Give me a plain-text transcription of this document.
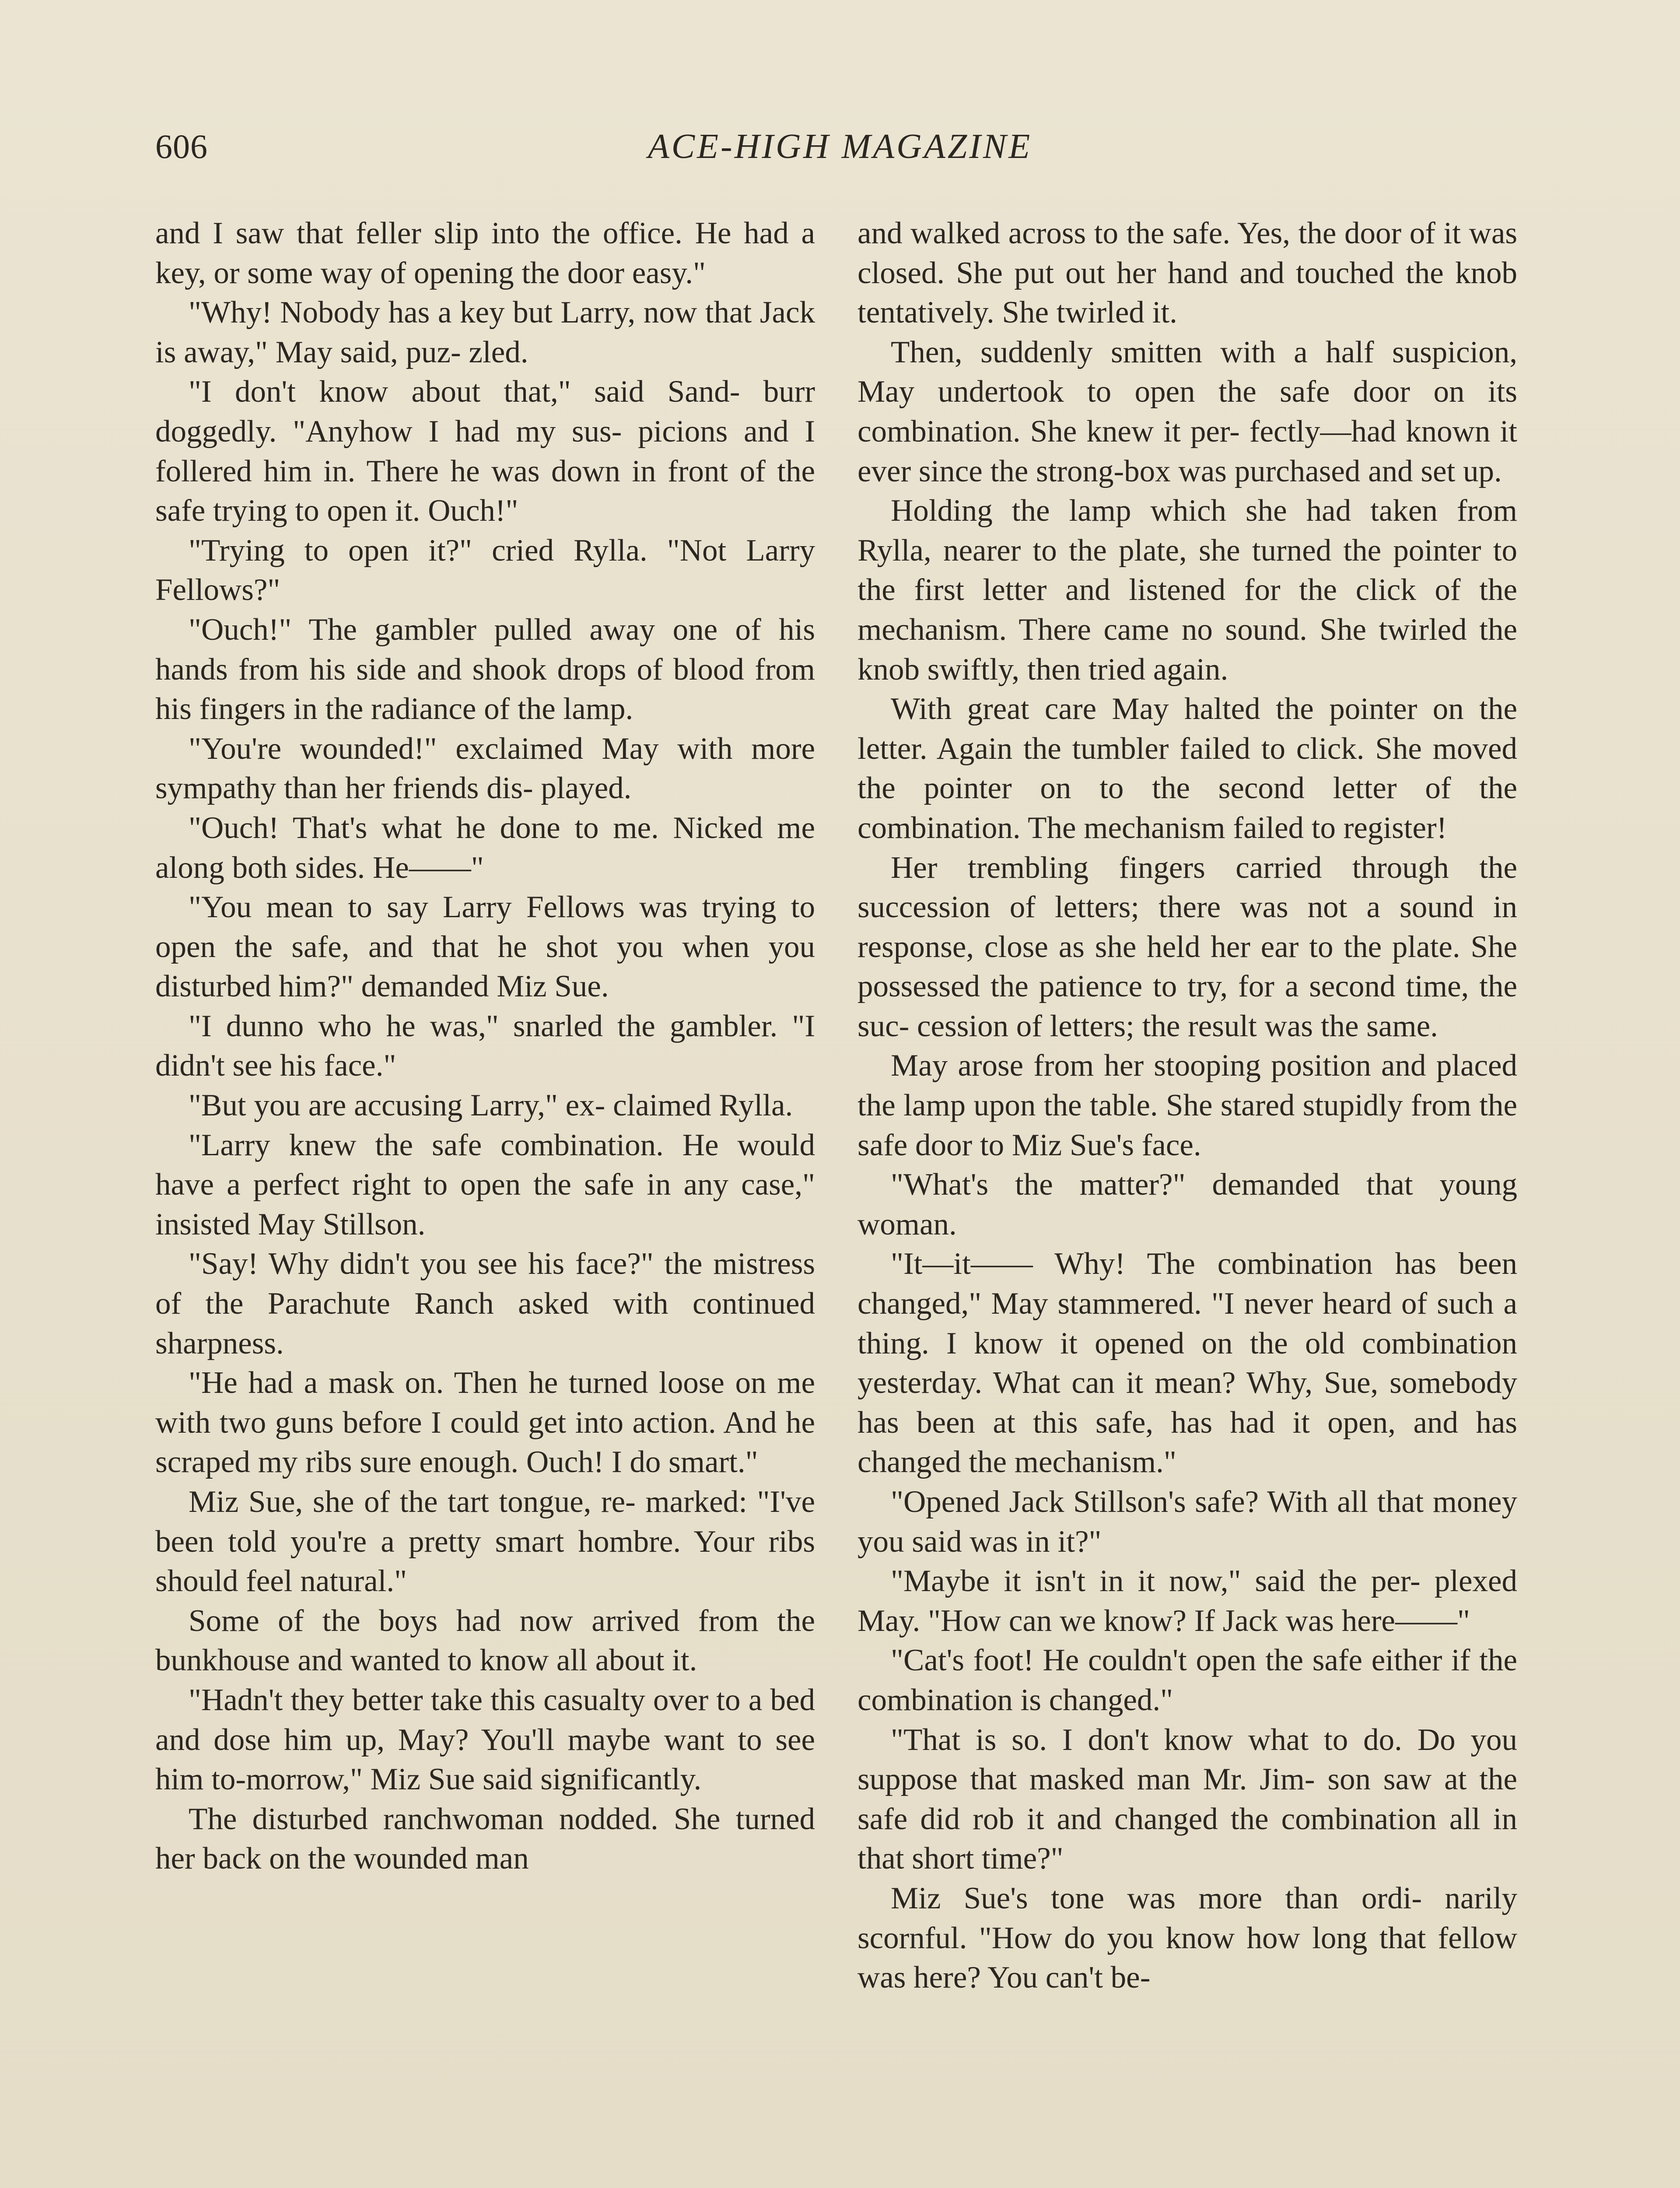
606	ACE-HIGH MAGAZINE

and I saw that feller slip into the office. He had a key, or some way of opening the door easy."

"Why! Nobody has a key but Larry, now that Jack is away," May said, puz- zled.

"I don't know about that," said Sand- burr doggedly. "Anyhow I had my sus- picions and I follered him in. There he was down in front of the safe trying to open it. Ouch!"

"Trying to open it?" cried Rylla. "Not Larry Fellows?"

"Ouch!" The gambler pulled away one of his hands from his side and shook drops of blood from his fingers in the radiance of the lamp.

"You're wounded!" exclaimed May with more sympathy than her friends dis- played.

"Ouch! That's what he done to me. Nicked me along both sides. He——"

"You mean to say Larry Fellows was trying to open the safe, and that he shot you when you disturbed him?" demanded Miz Sue.

"I dunno who he was," snarled the gambler. "I didn't see his face."

"But you are accusing Larry," ex- claimed Rylla.

"Larry knew the safe combination. He would have a perfect right to open the safe in any case," insisted May Stillson.

"Say! Why didn't you see his face?" the mistress of the Parachute Ranch asked with continued sharpness.

"He had a mask on. Then he turned loose on me with two guns before I could get into action. And he scraped my ribs sure enough. Ouch! I do smart."

Miz Sue, she of the tart tongue, re- marked: "I've been told you're a pretty smart hombre. Your ribs should feel natural."

Some of the boys had now arrived from the bunkhouse and wanted to know all about it.

"Hadn't they better take this casualty over to a bed and dose him up, May? You'll maybe want to see him to-morrow," Miz Sue said significantly.

The disturbed ranchwoman nodded. She turned her back on the wounded man

and walked across to the safe. Yes, the door of it was closed. She put out her hand and touched the knob tentatively. She twirled it.

Then, suddenly smitten with a half suspicion, May undertook to open the safe door on its combination. She knew it per- fectly—had known it ever since the strong-box was purchased and set up.

Holding the lamp which she had taken from Rylla, nearer to the plate, she turned the pointer to the first letter and listened for the click of the mechanism. There came no sound. She twirled the knob swiftly, then tried again.

With great care May halted the pointer on the letter. Again the tumbler failed to click. She moved the pointer on to the second letter of the combination. The mechanism failed to register!

Her trembling fingers carried through the succession of letters; there was not a sound in response, close as she held her ear to the plate. She possessed the patience to try, for a second time, the suc- cession of letters; the result was the same.

May arose from her stooping position and placed the lamp upon the table. She stared stupidly from the safe door to Miz Sue's face.

"What's the matter?" demanded that young woman.

"It—it—— Why! The combination has been changed," May stammered. "I never heard of such a thing. I know it opened on the old combination yesterday. What can it mean? Why, Sue, somebody has been at this safe, has had it open, and has changed the mechanism."

"Opened Jack Stillson's safe? With all that money you said was in it?"

"Maybe it isn't in it now," said the per- plexed May. "How can we know? If Jack was here——"

"Cat's foot! He couldn't open the safe either if the combination is changed."

"That is so. I don't know what to do. Do you suppose that masked man Mr. Jim- son saw at the safe did rob it and changed the combination all in that short time?"

Miz Sue's tone was more than ordi- narily scornful. "How do you know how long that fellow was here? You can't be-
